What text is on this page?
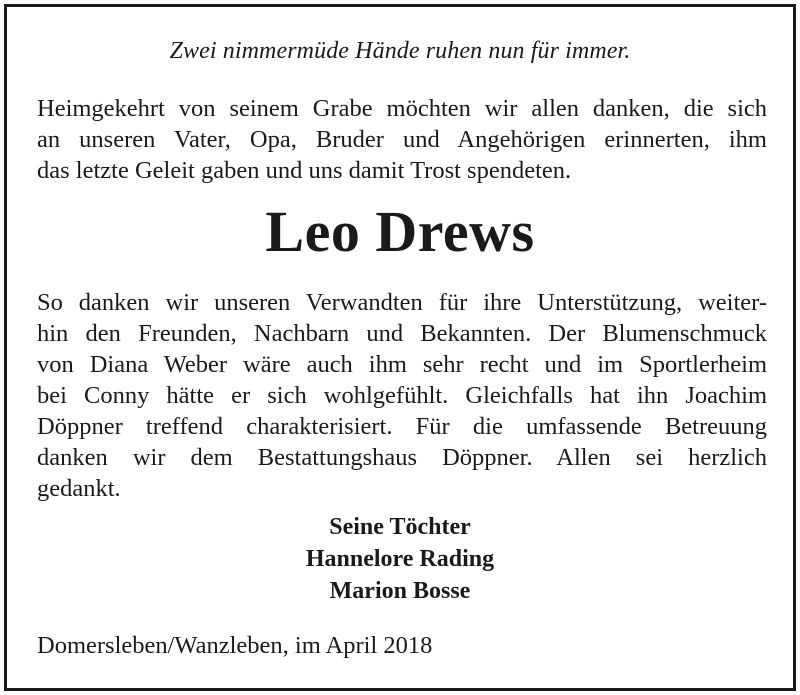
Zwei nimmermüde Hände ruhen nun für immer.
Heimgekehrt von seinem Grabe möchten wir allen danken, die sich
an unseren Vater, Opa, Bruder und Angehörigen erinnerten, ihm
das letzte Geleit gaben und uns damit Trost spendeten.
Leo Drews
So danken wir unseren Verwandten für ihre Unterstützung, weiter-
hin den Freunden, Nachbarn und Bekannten. Der Blumenschmuck
von Diana Weber wäre auch ihm sehr recht und im Sportlerheim
bei Conny hätte er sich wohlgefühlt. Gleichfalls hat ihn Joachim
Döppner treffend charakterisiert. Für die umfassende Betreuung
danken wir dem Bestattungshaus Döppner. Allen sei herzlich
gedankt.
Seine Töchter
Hannelore Rading
Marion Bosse
Domersleben/Wanzleben, im April 2018
